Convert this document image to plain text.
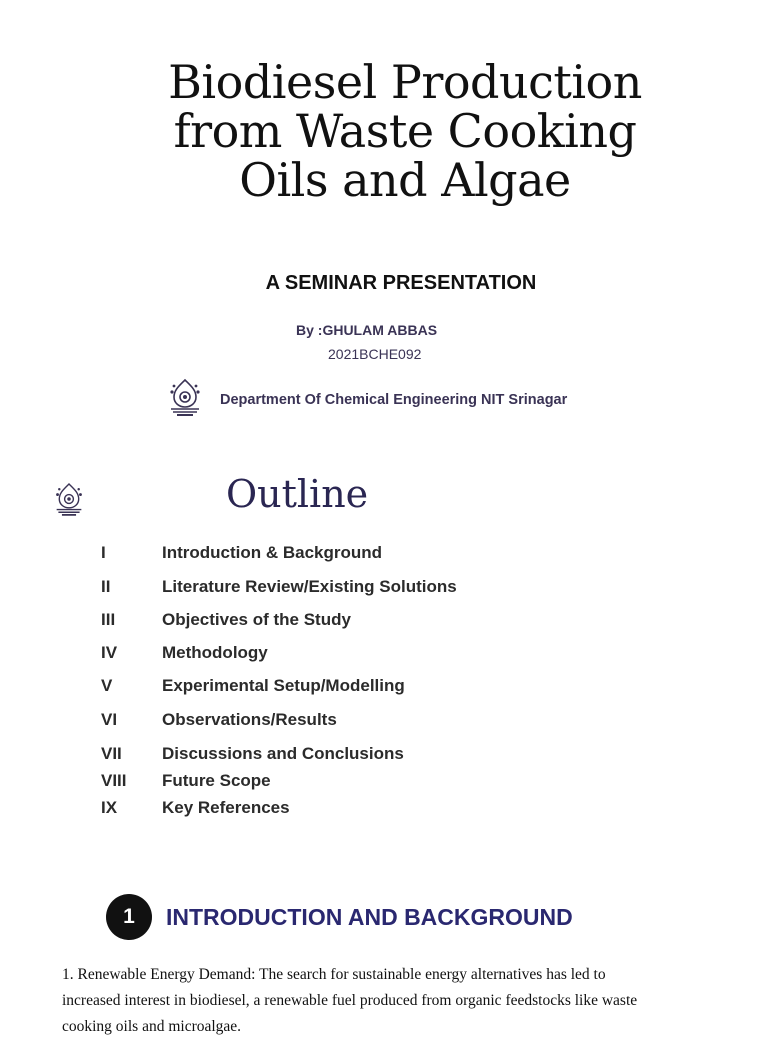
Biodiesel Production
from Waste Cooking
Oils and Algae
A SEMINAR PRESENTATION
By :GHULAM ABBAS
2021BCHE092
Department Of Chemical Engineering NIT Srinagar
Outline
I	Introduction & Background
II	Literature Review/Existing Solutions
III	Objectives of the Study
IV	Methodology
V	Experimental Setup/Modelling
VI	Observations/Results
VII	Discussions and Conclusions
VIII	Future Scope
IX	Key References
1	INTRODUCTION AND BACKGROUND

1. Renewable Energy Demand: The search for sustainable energy alternatives has led to increased interest in biodiesel, a renewable fuel produced from organic feedstocks like waste cooking oils and microalgae.
